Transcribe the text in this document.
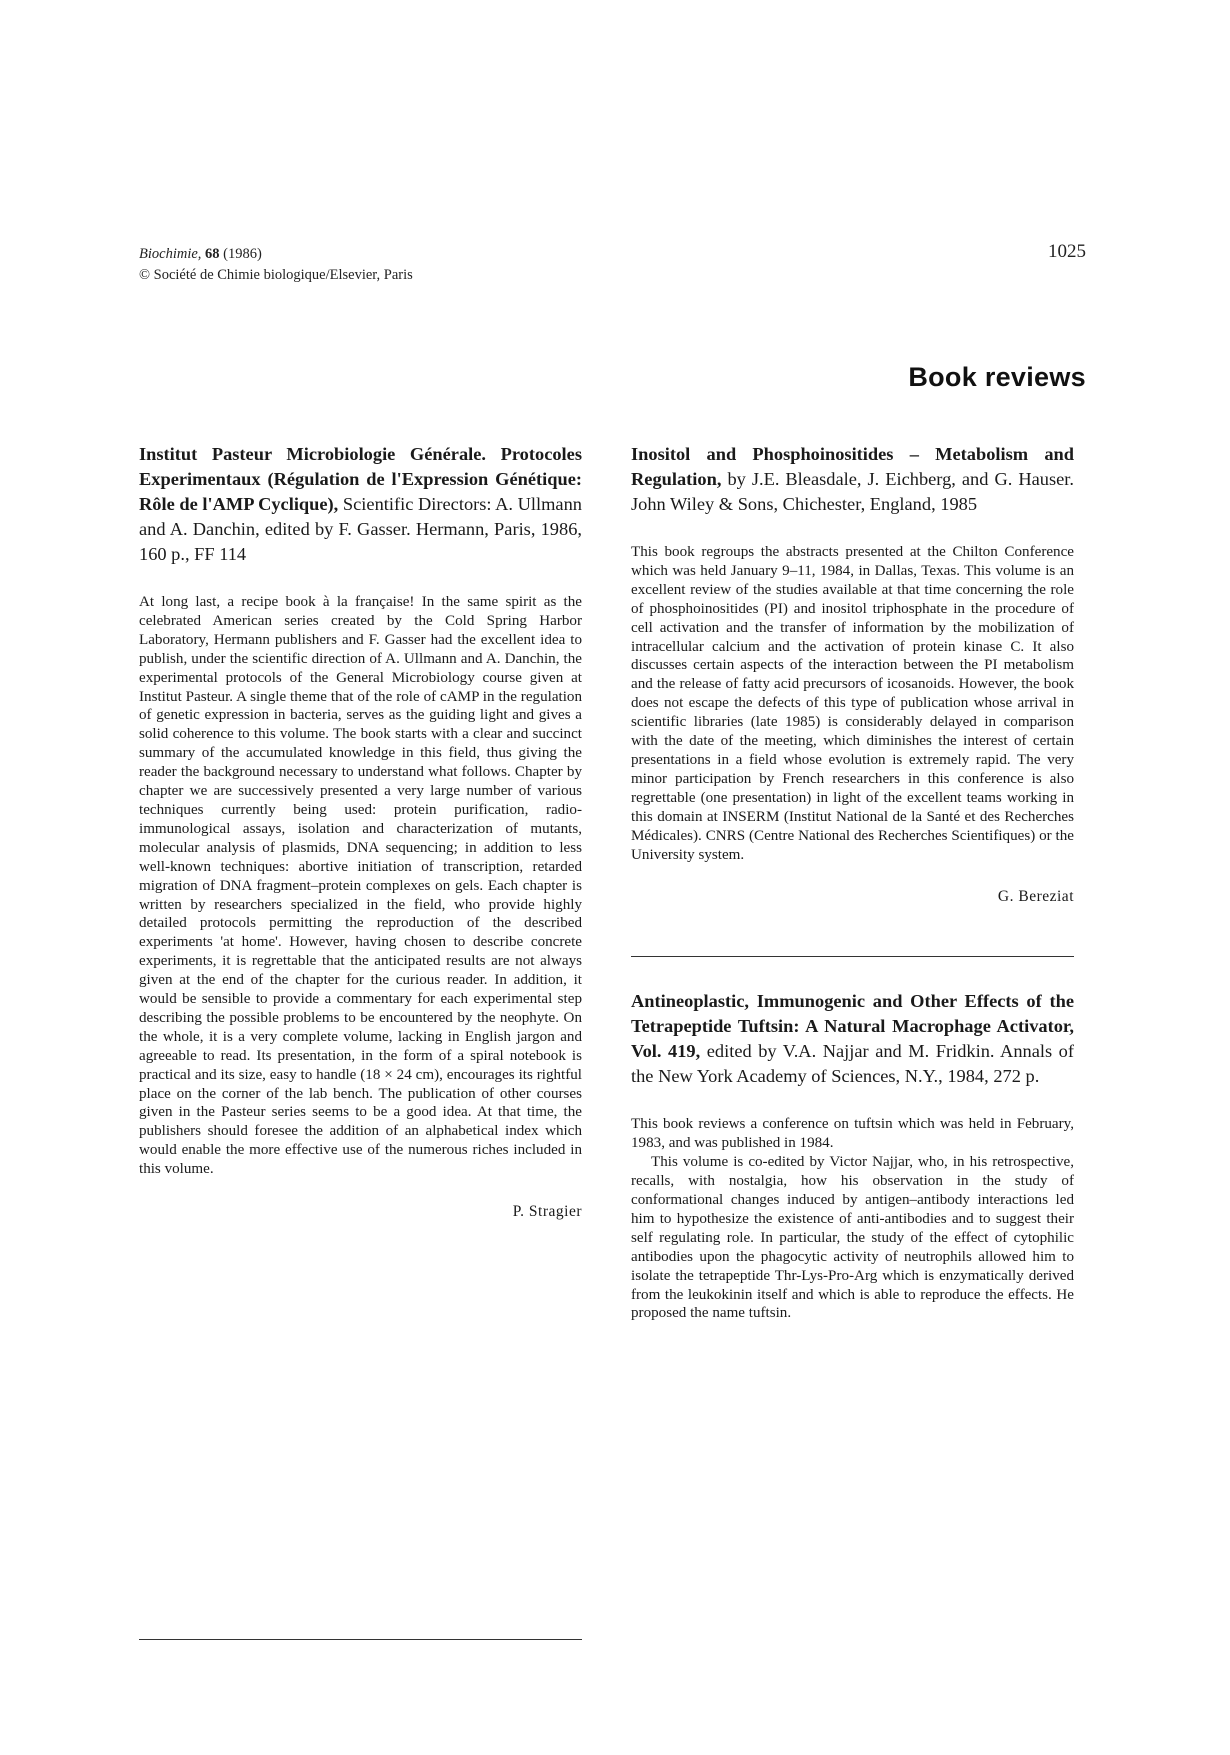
Biochimie, 68 (1986)
© Société de Chimie biologique/Elsevier, Paris
1025
Book reviews

Institut Pasteur Microbiologie Générale. Protocoles Experimentaux (Régulation de l'Expression Génétique: Rôle de l'AMP Cyclique), Scientific Directors: A. Ullmann and A. Danchin, edited by F. Gasser. Hermann, Paris, 1986, 160 p., FF 114

At long last, a recipe book à la française! In the same spirit as the celebrated American series created by the Cold Spring Harbor Laboratory, Hermann publishers and F. Gasser had the excellent idea to publish, under the scientific direction of A. Ullmann and A. Danchin, the experimental protocols of the General Microbiology course given at Institut Pasteur. A single theme that of the role of cAMP in the regulation of genetic expression in bacteria, serves as the guiding light and gives a solid coherence to this volume. The book starts with a clear and succinct summary of the accumulated knowledge in this field, thus giving the reader the background necessary to understand what follows. Chapter by chapter we are successively presented a very large number of various techniques currently being used: protein purification, radio-immunological assays, isolation and characterization of mutants, molecular analysis of plasmids, DNA sequencing; in addition to less well-known techniques: abortive initiation of transcription, retarded migration of DNA fragment–protein complexes on gels. Each chapter is written by researchers specialized in the field, who provide highly detailed protocols permitting the reproduction of the described experiments 'at home'. However, having chosen to describe concrete experiments, it is regrettable that the anticipated results are not always given at the end of the chapter for the curious reader. In addition, it would be sensible to provide a commentary for each experimental step describing the possible problems to be encountered by the neophyte. On the whole, it is a very complete volume, lacking in English jargon and agreeable to read. Its presentation, in the form of a spiral notebook is practical and its size, easy to handle (18 × 24 cm), encourages its rightful place on the corner of the lab bench. The publication of other courses given in the Pasteur series seems to be a good idea. At that time, the publishers should foresee the addition of an alphabetical index which would enable the more effective use of the numerous riches included in this volume.

P. Stragier

Inositol and Phosphoinositides – Metabolism and Regulation, by J.E. Bleasdale, J. Eichberg, and G. Hauser. John Wiley & Sons, Chichester, England, 1985

This book regroups the abstracts presented at the Chilton Conference which was held January 9–11, 1984, in Dallas, Texas. This volume is an excellent review of the studies available at that time concerning the role of phosphoinositides (PI) and inositol triphosphate in the procedure of cell activation and the transfer of information by the mobilization of intracellular calcium and the activation of protein kinase C. It also discusses certain aspects of the interaction between the PI metabolism and the release of fatty acid precursors of icosanoids. However, the book does not escape the defects of this type of publication whose arrival in scientific libraries (late 1985) is considerably delayed in comparison with the date of the meeting, which diminishes the interest of certain presentations in a field whose evolution is extremely rapid. The very minor participation by French researchers in this conference is also regrettable (one presentation) in light of the excellent teams working in this domain at INSERM (Institut National de la Santé et des Recherches Médicales). CNRS (Centre National des Recherches Scientifiques) or the University system.

G. Bereziat

Antineoplastic, Immunogenic and Other Effects of the Tetrapeptide Tuftsin: A Natural Macrophage Activator, Vol. 419, edited by V.A. Najjar and M. Fridkin. Annals of the New York Academy of Sciences, N.Y., 1984, 272 p.

This book reviews a conference on tuftsin which was held in February, 1983, and was published in 1984.

This volume is co-edited by Victor Najjar, who, in his retrospective, recalls, with nostalgia, how his observation in the study of conformational changes induced by antigen–antibody interactions led him to hypothesize the existence of anti-antibodies and to suggest their self regulating role. In particular, the study of the effect of cytophilic antibodies upon the phagocytic activity of neutrophils allowed him to isolate the tetrapeptide Thr-Lys-Pro-Arg which is enzymatically derived from the leukokinin itself and which is able to reproduce the effects. He proposed the name tuftsin.
